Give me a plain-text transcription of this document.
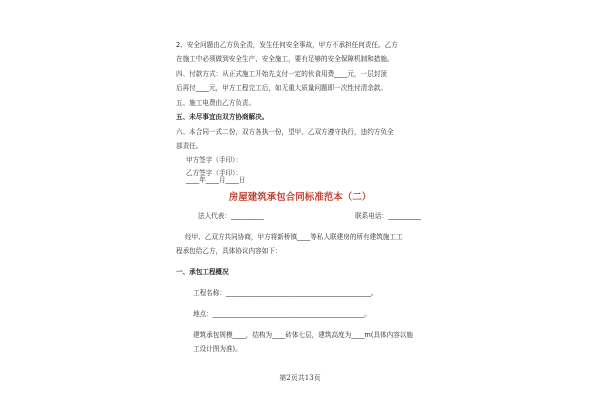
2、安全问题由乙方负全责，发生任何安全事故，甲方不承担任何责任。乙方
在施工中必须做到安全生产、安全施工，要有足够的安全保障机制和措施。
四、付款方式：从正式施工开始先支付一定的伙食用费____元，一层封顶
后再付____元，甲方工程完工后，如无重大质量问题即一次性付清余款。
五、施工电费由乙方负责。
五、未尽事宜由双方协商解决。
六、本合同一式二份，双方各执一份，望甲、乙双方遵守执行，违约方负全
部责任。
甲方签字（手印）：
乙方签字（手印）：
____年____月____日
房屋建筑承包合同标准范本（二）
法人代表：__________	联系电话：__________
经甲、乙双方共同协商，甲方将新桥镇____等私人联建房的所有建筑施工工
程承包给乙方，具体协议内容如下：
一、承包工程概况
工程名称：____________________________________________。
地点：______________________________________________。
建筑承包规模____，结构为____砖体七层，建筑高度为____m(具体内容以施
工设计图为准)。
第2页共13页
